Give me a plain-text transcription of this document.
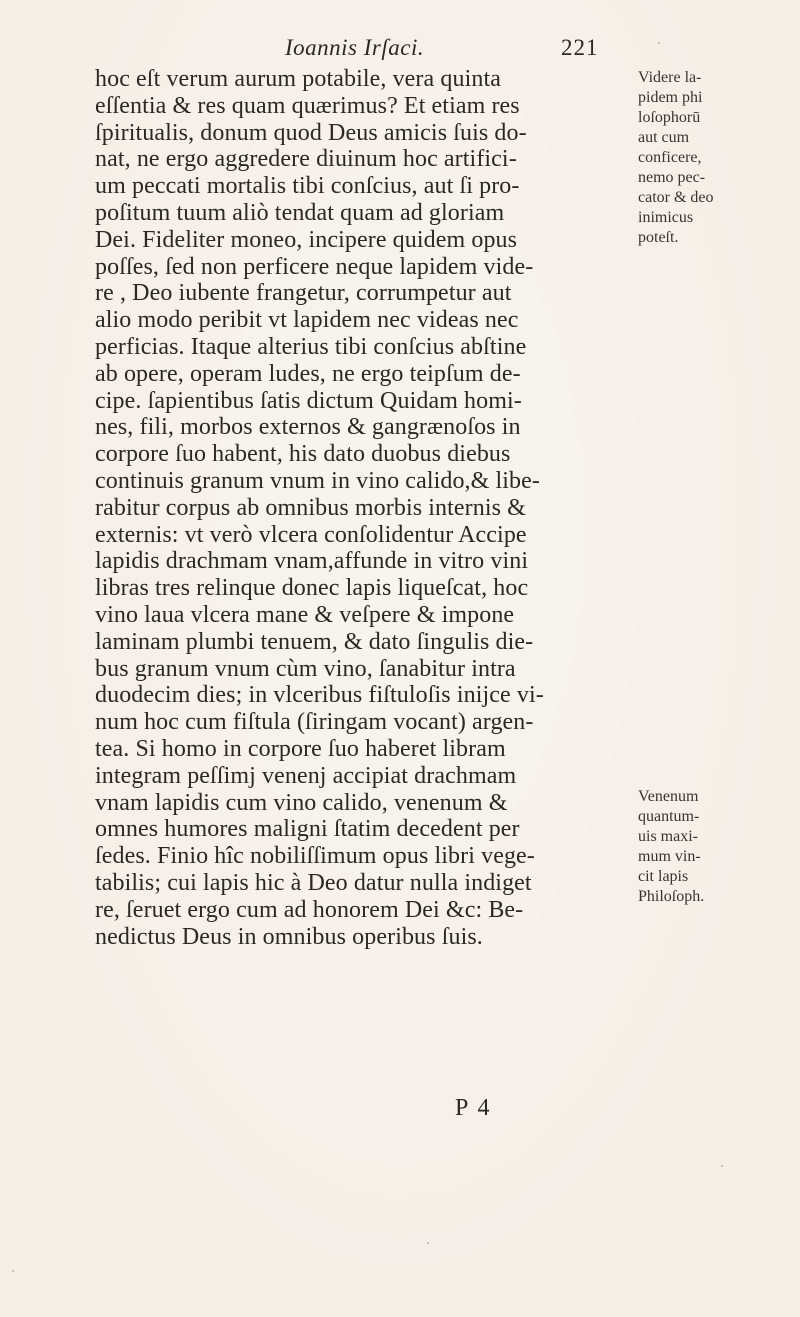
Ioannis Irſaci.	221
hoc eſt verum aurum potabile, vera quinta
eſſentia & res quam quærimus? Et etiam res
ſpiritualis, donum quod Deus amicis ſuis do-
nat, ne ergo aggredere diuinum hoc artifici-
um peccati mortalis tibi conſcius, aut ſi pro-
poſitum tuum aliò tendat quam ad gloriam
Dei. Fideliter moneo, incipere quidem opus
poſſes, ſed non perficere neque lapidem vide-
re , Deo iubente frangetur, corrumpetur aut
alio modo peribit vt lapidem nec videas nec
perficias. Itaque alterius tibi conſcius abſtine
ab opere, operam ludes, ne ergo teipſum de-
cipe. ſapientibus ſatis dictum Quidam homi-
nes, fili, morbos externos & gangrænoſos in
corpore ſuo habent, his dato duobus diebus
continuis granum vnum in vino calido,& libe-
rabitur corpus ab omnibus morbis internis &
externis: vt verò vlcera conſolidentur Accipe
lapidis drachmam vnam,affunde in vitro vini
libras tres relinque donec lapis liqueſcat, hoc
vino laua vlcera mane & veſpere & impone
laminam plumbi tenuem, & dato ſingulis die-
bus granum vnum cùm vino, ſanabitur intra
duodecim dies; in vlceribus fiſtuloſis inijce vi-
num hoc cum fiſtula (ſiringam vocant) argen-
tea. Si homo in corpore ſuo haberet libram
integram peſſimj venenj accipiat drachmam
vnam lapidis cum vino calido, venenum &
omnes humores maligni ſtatim decedent per
ſedes. Finio hîc nobiliſſimum opus libri vege-
tabilis; cui lapis hic à Deo datur nulla indiget
re, ſeruet ergo cum ad honorem Dei &c: Be-
nedictus Deus in omnibus operibus ſuis.
Videre la-
pidem phi
loſophorū
aut cum
conficere,
nemo pec-
cator & deo
inimicus
poteſt.
Venenum
quantum-
uis maxi-
mum vin-
cit lapis
Philoſoph.
P 4
